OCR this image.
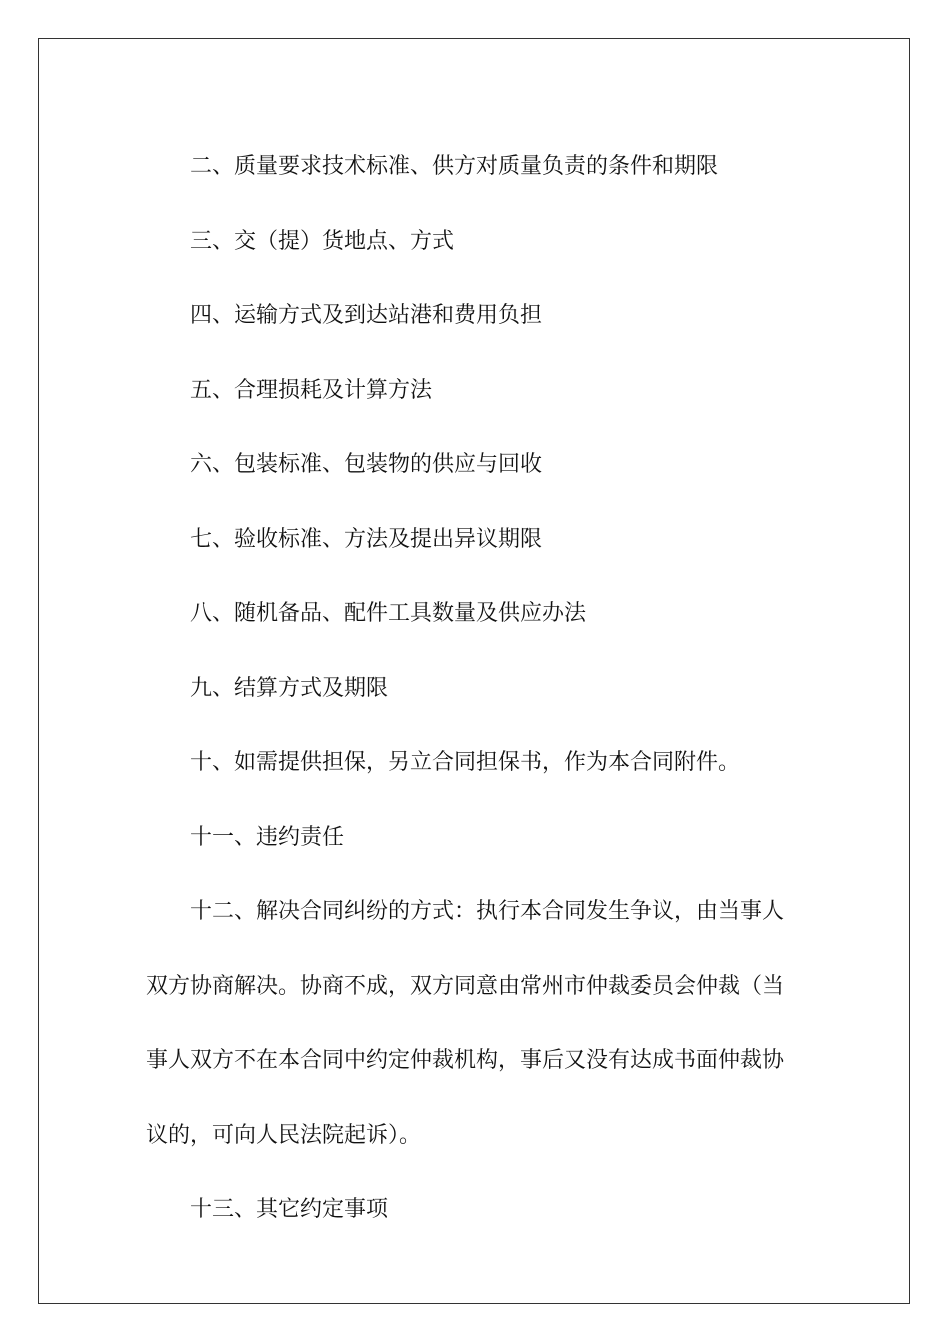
二、质量要求技术标准、供方对质量负责的条件和期限

三、交（提）货地点、方式

四、运输方式及到达站港和费用负担

五、合理损耗及计算方法

六、包装标准、包装物的供应与回收

七、验收标准、方法及提出异议期限

八、随机备品、配件工具数量及供应办法

九、结算方式及期限

十、如需提供担保，另立合同担保书，作为本合同附件。

十一、违约责任

十二、解决合同纠纷的方式：执行本合同发生争议，由当事人双方协商解决。协商不成，双方同意由常州市仲裁委员会仲裁（当事人双方不在本合同中约定仲裁机构，事后又没有达成书面仲裁协议的，可向人民法院起诉）。

十三、其它约定事项
